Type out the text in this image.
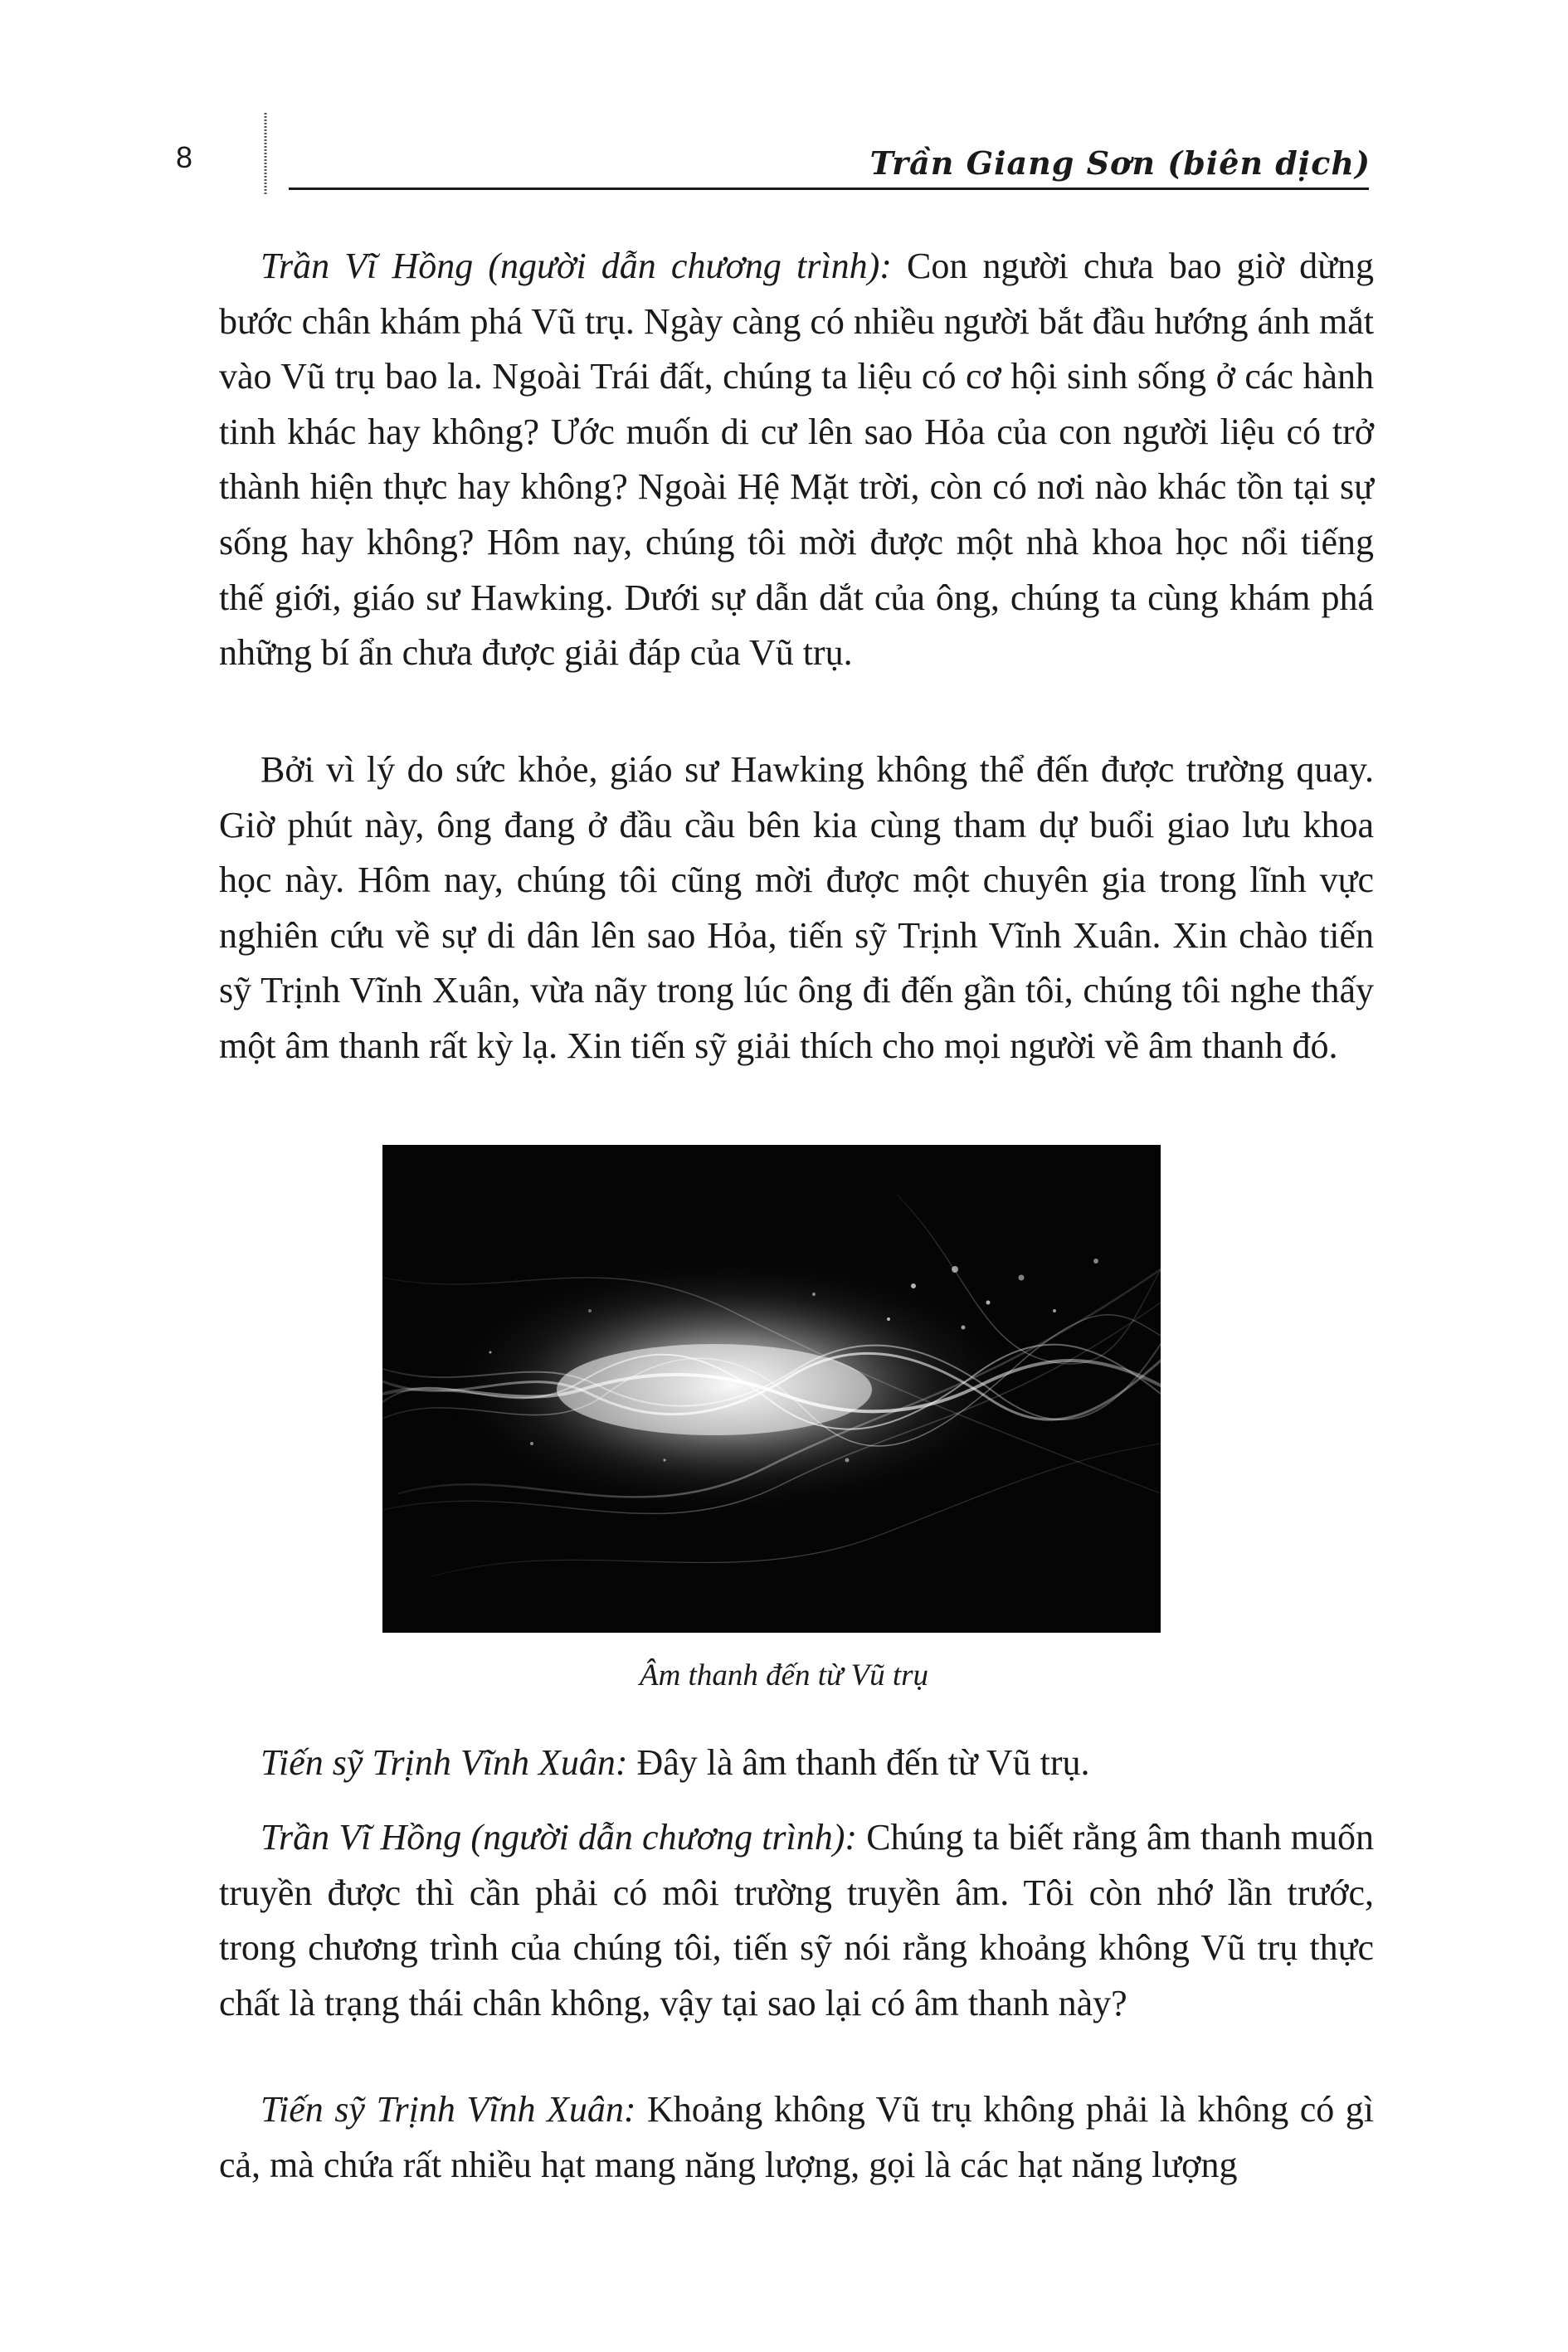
8	Trần Giang Sơn (biên dịch)

Trần Vĩ Hồng (người dẫn chương trình): Con người chưa bao giờ dừng bước chân khám phá Vũ trụ. Ngày càng có nhiều người bắt đầu hướng ánh mắt vào Vũ trụ bao la. Ngoài Trái đất, chúng ta liệu có cơ hội sinh sống ở các hành tinh khác hay không? Ước muốn di cư lên sao Hỏa của con người liệu có trở thành hiện thực hay không? Ngoài Hệ Mặt trời, còn có nơi nào khác tồn tại sự sống hay không? Hôm nay, chúng tôi mời được một nhà khoa học nổi tiếng thế giới, giáo sư Hawking. Dưới sự dẫn dắt của ông, chúng ta cùng khám phá những bí ẩn chưa được giải đáp của Vũ trụ.

Bởi vì lý do sức khỏe, giáo sư Hawking không thể đến được trường quay. Giờ phút này, ông đang ở đầu cầu bên kia cùng tham dự buổi giao lưu khoa học này. Hôm nay, chúng tôi cũng mời được một chuyên gia trong lĩnh vực nghiên cứu về sự di dân lên sao Hỏa, tiến sỹ Trịnh Vĩnh Xuân. Xin chào tiến sỹ Trịnh Vĩnh Xuân, vừa nãy trong lúc ông đi đến gần tôi, chúng tôi nghe thấy một âm thanh rất kỳ lạ. Xin tiến sỹ giải thích cho mọi người về âm thanh đó.

Âm thanh đến từ Vũ trụ

Tiến sỹ Trịnh Vĩnh Xuân: Đây là âm thanh đến từ Vũ trụ.

Trần Vĩ Hồng (người dẫn chương trình): Chúng ta biết rằng âm thanh muốn truyền được thì cần phải có môi trường truyền âm. Tôi còn nhớ lần trước, trong chương trình của chúng tôi, tiến sỹ nói rằng khoảng không Vũ trụ thực chất là trạng thái chân không, vậy tại sao lại có âm thanh này?

Tiến sỹ Trịnh Vĩnh Xuân: Khoảng không Vũ trụ không phải là không có gì cả, mà chứa rất nhiều hạt mang năng lượng, gọi là các hạt năng lượng
